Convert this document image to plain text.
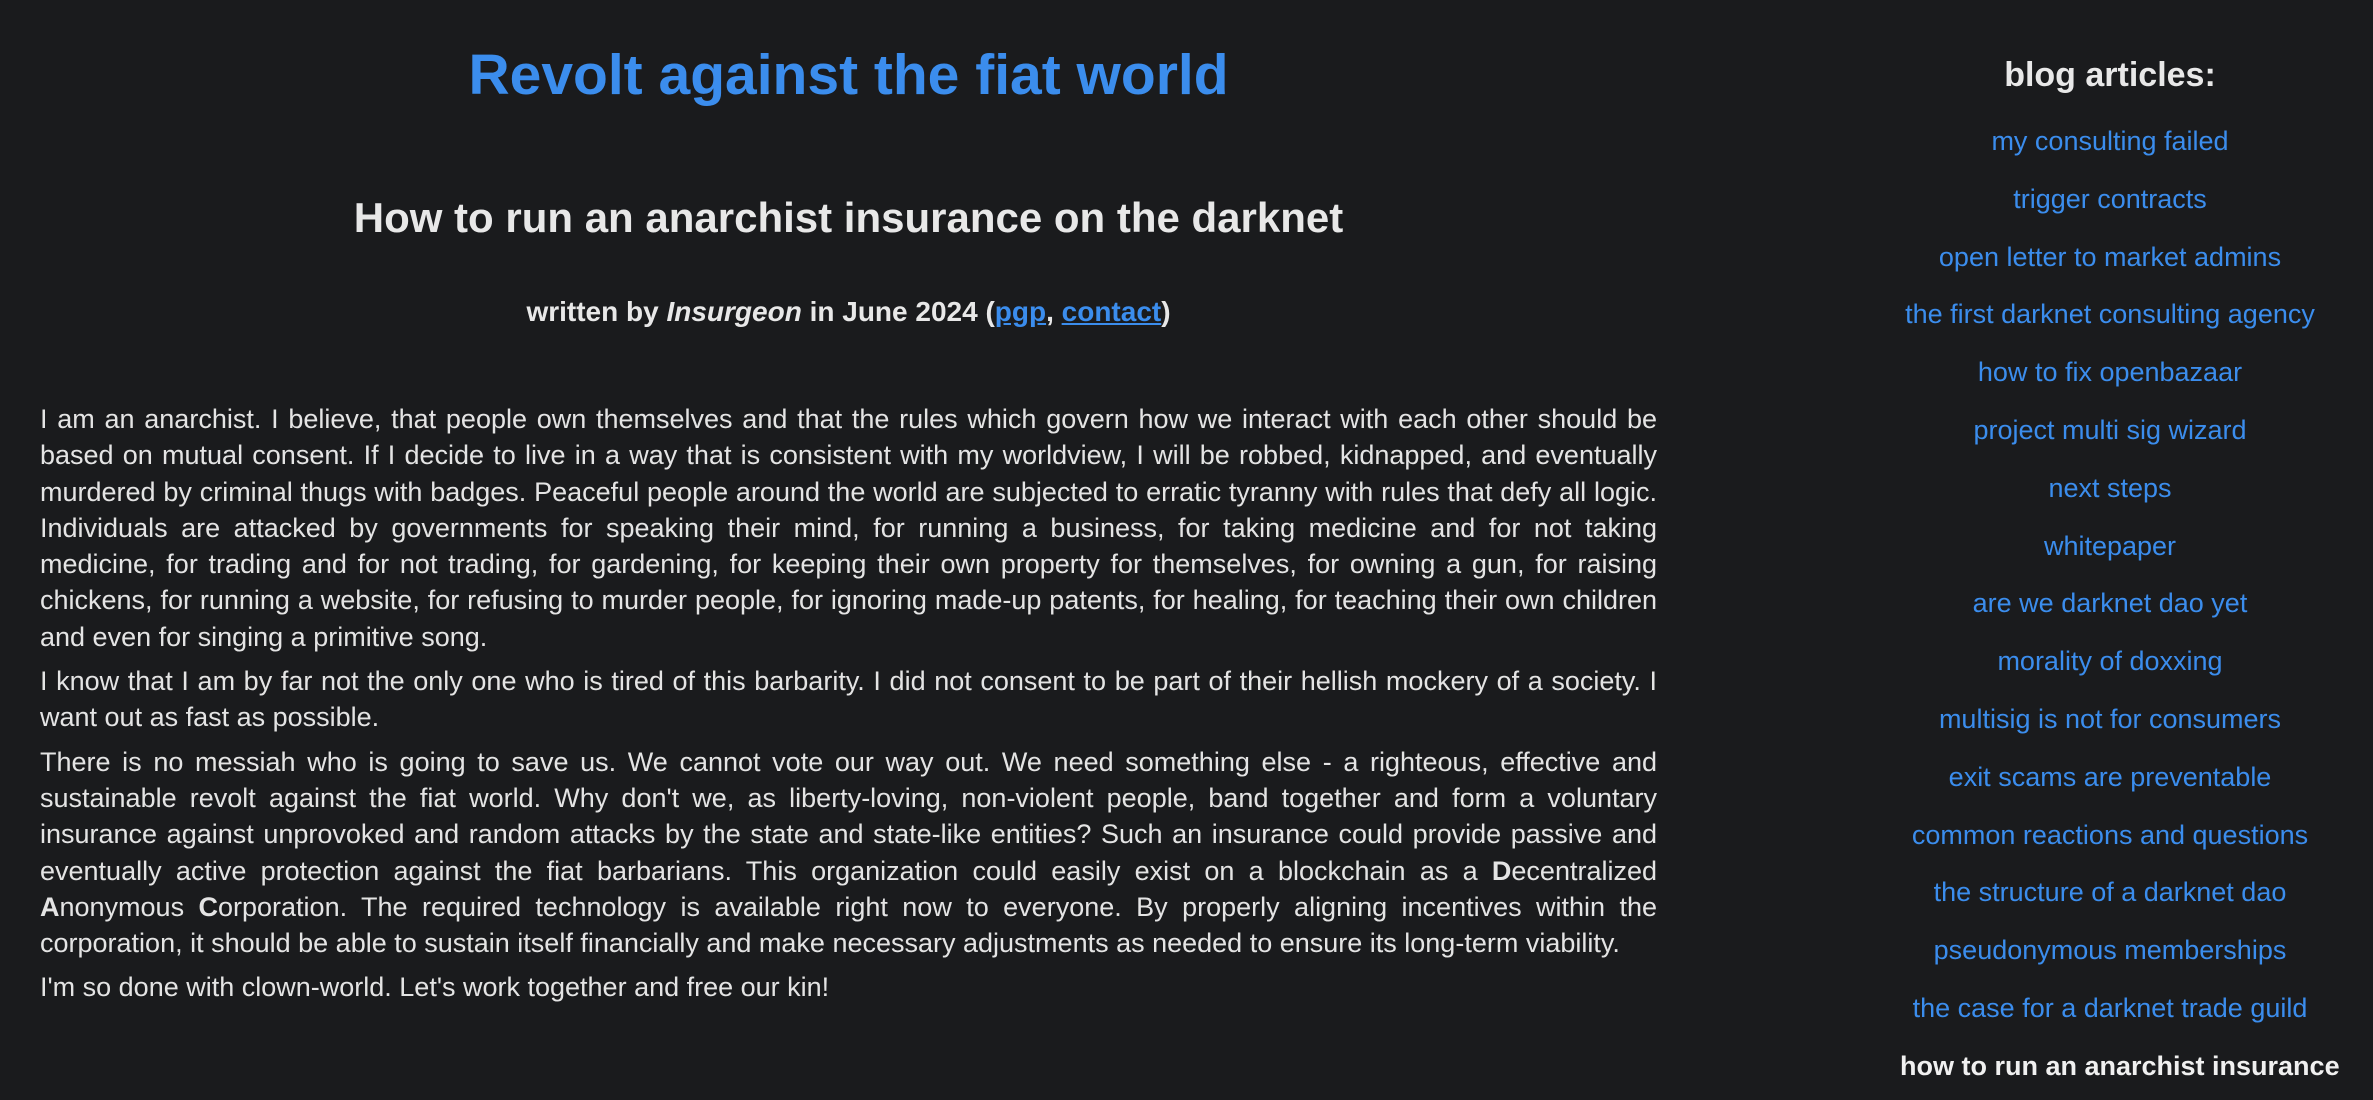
Revolt against the fiat world
How to run an anarchist insurance on the darknet

written by Insurgeon in June 2024 (pgp, contact)

I am an anarchist. I believe, that people own themselves and that the rules which govern how we interact with each other should be based on mutual consent. If I decide to live in a way that is consistent with my worldview, I will be robbed, kidnapped, and eventually murdered by criminal thugs with badges. Peaceful people around the world are subjected to erratic tyranny with rules that defy all logic. Individuals are attacked by governments for speaking their mind, for running a business, for taking medicine and for not taking medicine, for trading and for not trading, for gardening, for keeping their own property for themselves, for owning a gun, for raising chickens, for running a website, for refusing to murder people, for ignoring made-up patents, for healing, for teaching their own children and even for singing a primitive song.

I know that I am by far not the only one who is tired of this barbarity. I did not consent to be part of their hellish mockery of a society. I want out as fast as possible.

There is no messiah who is going to save us. We cannot vote our way out. We need something else - a righteous, effective and sustainable revolt against the fiat world. Why don't we, as liberty-loving, non-violent people, band together and form a voluntary insurance against unprovoked and random attacks by the state and state-like entities? Such an insurance could provide passive and eventually active protection against the fiat barbarians. This organization could easily exist on a blockchain as a Decentralized Anonymous Corporation. The required technology is available right now to everyone. By properly aligning incentives within the corporation, it should be able to sustain itself financially and make necessary adjustments as needed to ensure its long-term viability.

I'm so done with clown-world. Let's work together and free our kin!

blog articles:
my consulting failed
trigger contracts
open letter to market admins
the first darknet consulting agency
how to fix openbazaar
project multi sig wizard
next steps
whitepaper
are we darknet dao yet
morality of doxxing
multisig is not for consumers
exit scams are preventable
common reactions and questions
the structure of a darknet dao
pseudonymous memberships
the case for a darknet trade guild
how to run an anarchist insurance
